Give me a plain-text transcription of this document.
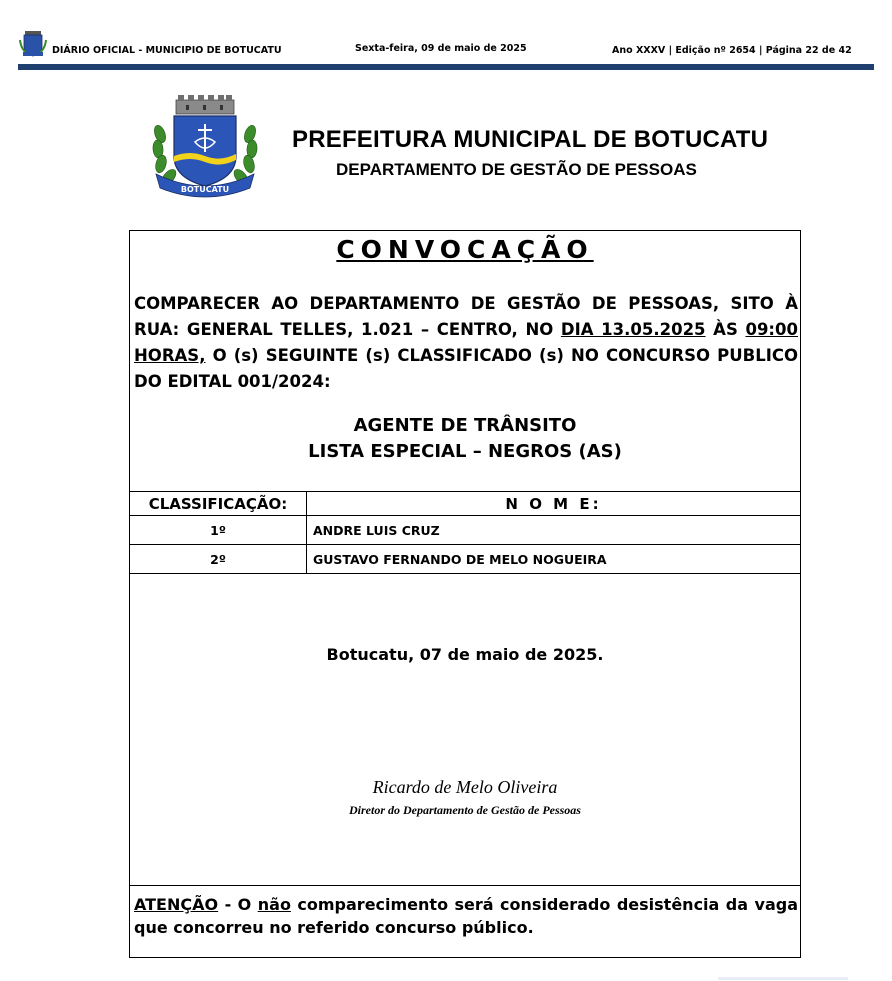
DIÁRIO OFICIAL - MUNICIPIO DE BOTUCATU	Sexta-feira, 09 de maio de 2025	Ano XXXV | Edição nº 2654 | Página 22 de 42
BOTUCATU
PREFEITURA MUNICIPAL DE BOTUCATU
DEPARTAMENTO DE GESTÃO DE PESSOAS
CONVOCAÇÃO
COMPARECER AO DEPARTAMENTO DE GESTÃO DE PESSOAS, SITO À RUA: GENERAL TELLES, 1.021 – CENTRO, NO DIA 13.05.2025 ÀS 09:00 HORAS, O (s) SEGUINTE (s) CLASSIFICADO (s) NO CONCURSO PUBLICO DO EDITAL 001/2024:
AGENTE DE TRÂNSITO
LISTA ESPECIAL – NEGROS (AS)
CLASSIFICAÇÃO:	N O M E:
1º	ANDRE LUIS CRUZ
2º	GUSTAVO FERNANDO DE MELO NOGUEIRA
Botucatu, 07 de maio de 2025.
Ricardo de Melo Oliveira
Diretor do Departamento de Gestão de Pessoas
ATENÇÃO - O não comparecimento será considerado desistência da vaga que concorreu no referido concurso público.
